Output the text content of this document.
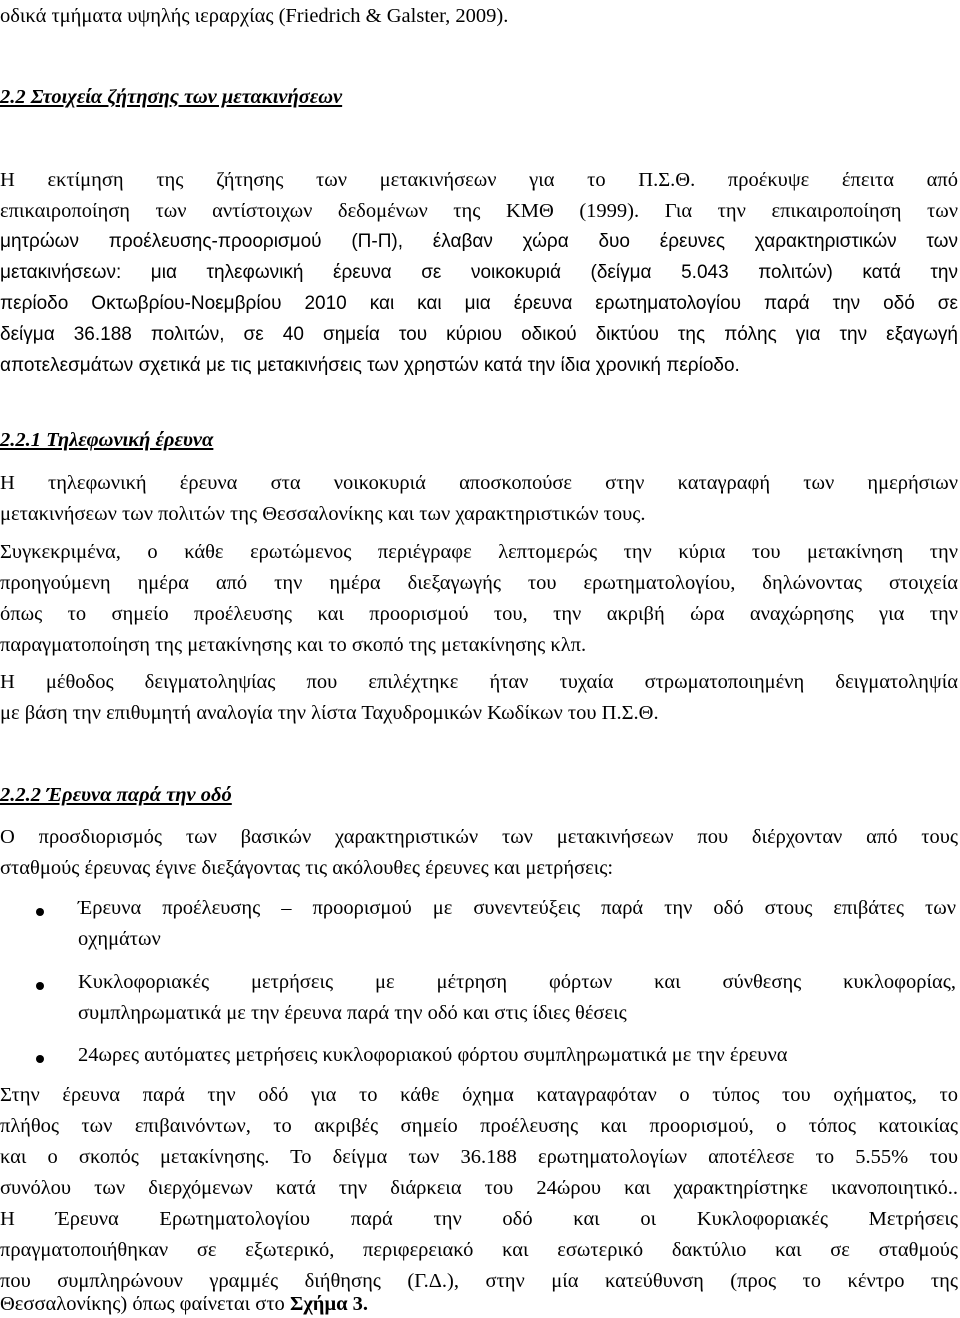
οδικά τμήματα υψηλής ιεραρχίας (Friedrich & Galster, 2009).
2.2 Στοιχεία ζήτησης των μετακινήσεων
Η εκτίμηση της ζήτησης των μετακινήσεων για το Π.Σ.Θ. προέκυψε έπειτα από
επικαιροποίηση των αντίστοιχων δεδομένων της ΚΜΘ (1999). Για την επικαιροποίηση των
μητρώων προέλευσης-προορισμού (Π-Π), έλαβαν χώρα δυο έρευνες χαρακτηριστικών των
μετακινήσεων: μια τηλεφωνική έρευνα σε νοικοκυριά (δείγμα 5.043 πολιτών) κατά την
περίοδο Οκτωβρίου-Νοεμβρίου 2010 και και μια έρευνα ερωτηματολογίου παρά την οδό σε
δείγμα 36.188 πολιτών, σε 40 σημεία του κύριου οδικού δικτύου της πόλης για την εξαγωγή
αποτελεσμάτων σχετικά με τις μετακινήσεις των χρηστών κατά την ίδια χρονική περίοδο.
2.2.1 Τηλεφωνική έρευνα
Η τηλεφωνική έρευνα στα νοικοκυριά αποσκοπούσε στην καταγραφή των ημερήσιων
μετακινήσεων των πολιτών της Θεσσαλονίκης και των χαρακτηριστικών τους.
Συγκεκριμένα, ο κάθε ερωτώμενος περιέγραφε λεπτομερώς την κύρια του μετακίνηση την
προηγούμενη ημέρα από την ημέρα διεξαγωγής του ερωτηματολογίου, δηλώνοντας στοιχεία
όπως το σημείο προέλευσης και προορισμού του, την ακριβή ώρα αναχώρησης για την
παραγματοποίηση της μετακίνησης και το σκοπό της μετακίνησης κλπ.
Η μέθοδος δειγματοληψίας που επιλέχτηκε ήταν τυχαία στρωματοποιημένη δειγματοληψία
με βάση την επιθυμητή αναλογία την λίστα Ταχυδρομικών Κωδίκων του Π.Σ.Θ.
2.2.2 Έρευνα παρά την οδό
Ο προσδιορισμός των βασικών χαρακτηριστικών των μετακινήσεων που διέρχονταν από τους
σταθμούς έρευνας έγινε διεξάγοντας τις ακόλουθες έρευνες και μετρήσεις:
Έρευνα προέλευσης – προορισμού με συνεντεύξεις παρά την οδό στους επιβάτες των
οχημάτων
Κυκλοφοριακές μετρήσεις με μέτρηση φόρτων και σύνθεσης κυκλοφορίας,
συμπληρωματικά με την έρευνα παρά την οδό και στις ίδιες θέσεις
24ωρες αυτόματες μετρήσεις κυκλοφοριακού φόρτου συμπληρωματικά με την έρευνα
Στην έρευνα παρά την οδό για το κάθε όχημα καταγραφόταν ο τύπος του οχήματος, το
πλήθος των επιβαινόντων, το ακριβές σημείο προέλευσης και προορισμού, ο τόπος κατοικίας
και ο σκοπός μετακίνησης. Το δείγμα των 36.188 ερωτηματολογίων αποτέλεσε το 5.55% του
συνόλου των διερχόμενων κατά την διάρκεια του 24ώρου και χαρακτηρίστηκε ικανοποιητικό..
Η Έρευνα Ερωτηματολογίου παρά την οδό και οι Κυκλοφοριακές Μετρήσεις
πραγματοποιήθηκαν σε εξωτερικό, περιφερειακό και εσωτερικό δακτύλιο και σε σταθμούς
που συμπληρώνουν γραμμές διήθησης (Γ.Δ.), στην μία κατεύθυνση (προς το κέντρο της
Θεσσαλονίκης) όπως φαίνεται στο Σχήμα 3.
